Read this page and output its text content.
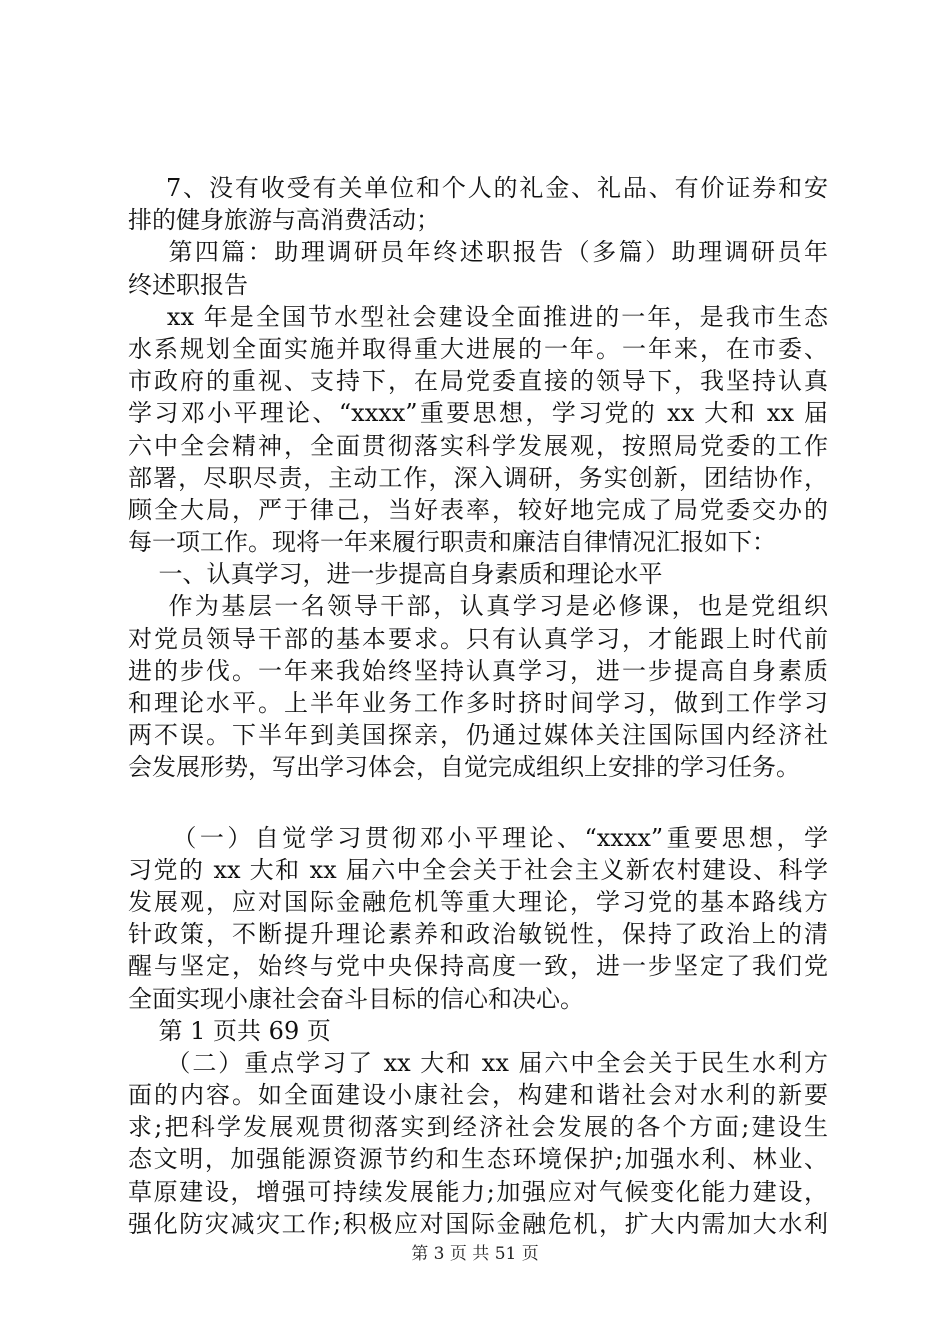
7、没有收受有关单位和个人的礼金、礼品、有价证券和安
排的健身旅游与高消费活动；
第四篇：助理调研员年终述职报告（多篇）助理调研员年
终述职报告
xx 年是全国节水型社会建设全面推进的一年，是我市生态
水系规划全面实施并取得重大进展的一年。一年来，在市委、
市政府的重视、支持下，在局党委直接的领导下，我坚持认真
学习邓小平理论、“xxxx”重要思想，学习党的 xx 大和 xx 届
六中全会精神，全面贯彻落实科学发展观，按照局党委的工作
部署，尽职尽责，主动工作，深入调研，务实创新，团结协作，
顾全大局，严于律己，当好表率，较好地完成了局党委交办的
每一项工作。现将一年来履行职责和廉洁自律情况汇报如下：
一、认真学习，进一步提高自身素质和理论水平
作为基层一名领导干部，认真学习是必修课，也是党组织
对党员领导干部的基本要求。只有认真学习，才能跟上时代前
进的步伐。一年来我始终坚持认真学习，进一步提高自身素质
和理论水平。上半年业务工作多时挤时间学习，做到工作学习
两不误。下半年到美国探亲，仍通过媒体关注国际国内经济社
会发展形势，写出学习体会，自觉完成组织上安排的学习任务。
（一）自觉学习贯彻邓小平理论、“xxxx”重要思想，学
习党的 xx 大和 xx 届六中全会关于社会主义新农村建设、科学
发展观，应对国际金融危机等重大理论，学习党的基本路线方
针政策，不断提升理论素养和政治敏锐性，保持了政治上的清
醒与坚定，始终与党中央保持高度一致，进一步坚定了我们党
全面实现小康社会奋斗目标的信心和决心。
第 1 页共 69 页
（二）重点学习了 xx 大和 xx 届六中全会关于民生水利方
面的内容。如全面建设小康社会，构建和谐社会对水利的新要
求;把科学发展观贯彻落实到经济社会发展的各个方面;建设生
态文明，加强能源资源节约和生态环境保护;加强水利、林业、
草原建设，增强可持续发展能力;加强应对气候变化能力建设，
强化防灾减灾工作;积极应对国际金融危机，扩大内需加大水利
第 3 页 共 51 页
